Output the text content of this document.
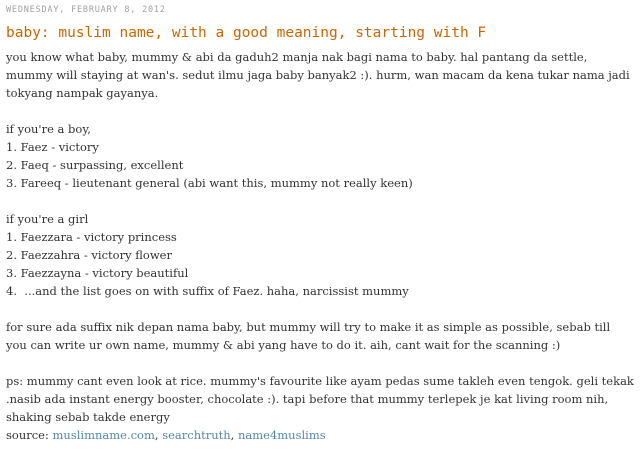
WEDNESDAY, FEBRUARY 8, 2012
baby: muslim name, with a good meaning, starting with F

you know what baby, mummy & abi da gaduh2 manja nak bagi nama to baby. hal pantang da settle, mummy will staying at wan's. sedut ilmu jaga baby banyak2 :). hurm, wan macam da kena tukar nama jadi tokyang nampak gayanya.

if you're a boy,

1. Faez - victory

2. Faeq - surpassing, excellent

3. Fareeq - lieutenant general (abi want this, mummy not really keen)

if you're a girl

1. Faezzara - victory princess

2. Faezzahra - victory flower

3. Faezzayna - victory beautiful

4.  ...and the list goes on with suffix of Faez. haha, narcissist mummy

for sure ada suffix nik depan nama baby, but mummy will try to make it as simple as possible, sebab till you can write ur own name, mummy & abi yang have to do it. aih, cant wait for the scanning :)

ps: mummy cant even look at rice. mummy's favourite like ayam pedas sume takleh even tengok. geli tekak .nasib ada instant energy booster, chocolate :). tapi before that mummy terlepek je kat living room nih, shaking sebab takde energy

source: muslimname.com, searchtruth, name4muslims
